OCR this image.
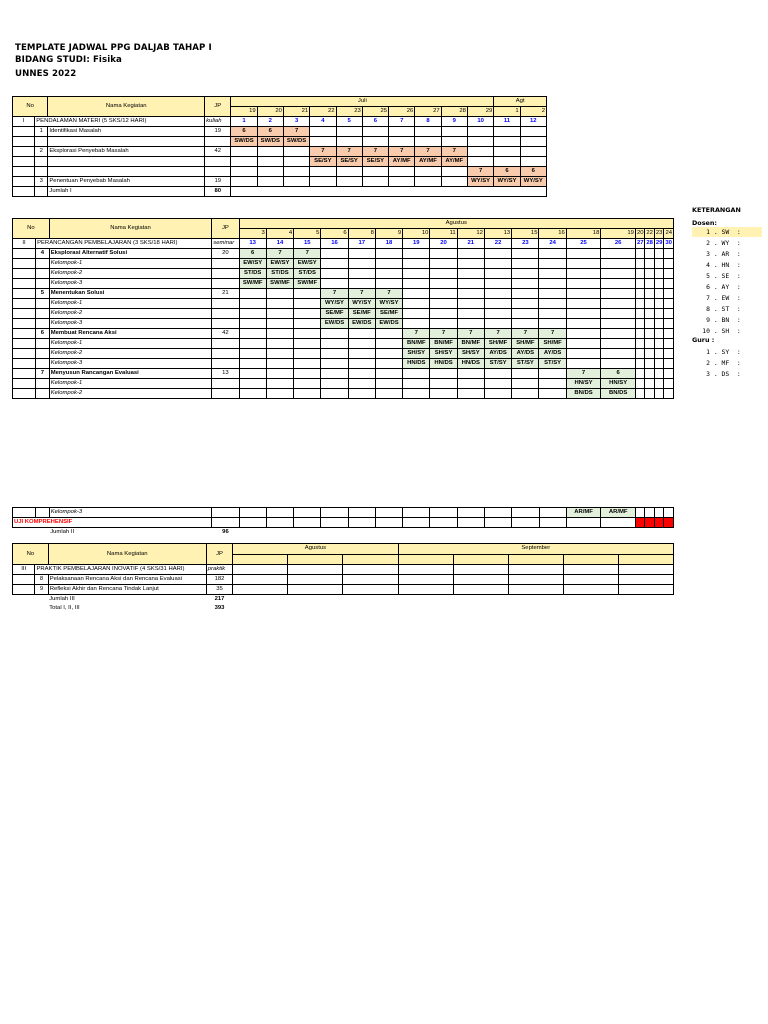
TEMPLATE JADWAL PPG DALJAB TAHAP I
BIDANG STUDI: Fisika
UNNES 2022
No		Nama Kegiatan	JP	Juli										Agt	
				19	20	21	22	23	25	26	27	28	29	1	2
I	PENDALAMAN MATERI (5 SKS/12 HARI)		kuliah	1	2	3	4	5	6	7	8	9	10	11	12
	1	Identifikasi Masalah	19	6	6	7									
				SW/DS	SW/DS	SW/DS									
	2	Eksplorasi Penyebab Masalah	42				7	7	7	7	7	7			
							SE/SY	SE/SY	SE/SY	AY/MF	AY/MF	AY/MF			
													7	6	6
	3	Penentuan Penyebab Masalah	19										WY/SY	WY/SY	WY/SY
		Jumlah I	80												
No		Nama Kegiatan	JP	Agustus																	
				3	4	5	6	8	9	10	11	12	13	15	16	18	19	20	22	23	24
II	PERANCANGAN PEMBELAJARAN (3 SKS/18 HARI)		seminar	13	14	15	16	17	18	19	20	21	22	23	24	25	26	27	28	29	30
	4	Eksplorasi Alternatif Solusi	20	6	7	7															
		Kelompok-1		EW/SY	EW/SY	EW/SY															
		Kelompok-2		ST/DS	ST/DS	ST/DS															
		Kelompok-3		SW/MF	SW/MF	SW/MF															
	5	Menentukan Solusi	21				7	7	7												
		Kelompok-1					WY/SY	WY/SY	WY/SY												
		Kelompok-2					SE/MF	SE/MF	SE/MF												
		Kelompok-3					EW/DS	EW/DS	EW/DS												
	6	Membuat Rencana Aksi	42							7	7	7	7	7	7						
		Kelompok-1								BN/MF	BN/MF	BN/MF	SH/MF	SH/MF	SH/MF						
		Kelompok-2								SH/SY	SH/SY	SH/SY	AY/DS	AY/DS	AY/DS						
		Kelompok-3								HN/DS	HN/DS	HN/DS	ST/SY	ST/SY	ST/SY						
	7	Menyusun Rancangan Evaluasi	13													7	6				
		Kelompok-1														HN/SY	HN/SY				
		Kelompok-2														BN/DS	BN/DS				
		Kelompok-3														AR/MF	AR/MF				
UJI KOMPREHENSIF																					
		Jumlah II	96																		
No		Nama Kegiatan	JP	Agustus			September				

III	PRAKTIK PEMBELAJARAN INOVATIF (4 SKS/31 HARI)		praktik								
	8	Pelaksanaan Rencana Aksi dan Rencana Evaluasi	182								
	9	Refleksi Akhir dan Rencana Tindak Lanjut	35								
		Jumlah III	217								
		Total I, II, III	393								
KETERANGAN
Dosen:
1 . SW  :
2 . WY  :
3 . AR  :
4 . HN  :
5 . SE  :
6 . AY  :
7 . EW  :
8 . ST  :
9 . BN  :
10 . SH  :
Guru :
1 . SY  :
2 . MF  :
3 . DS  :
